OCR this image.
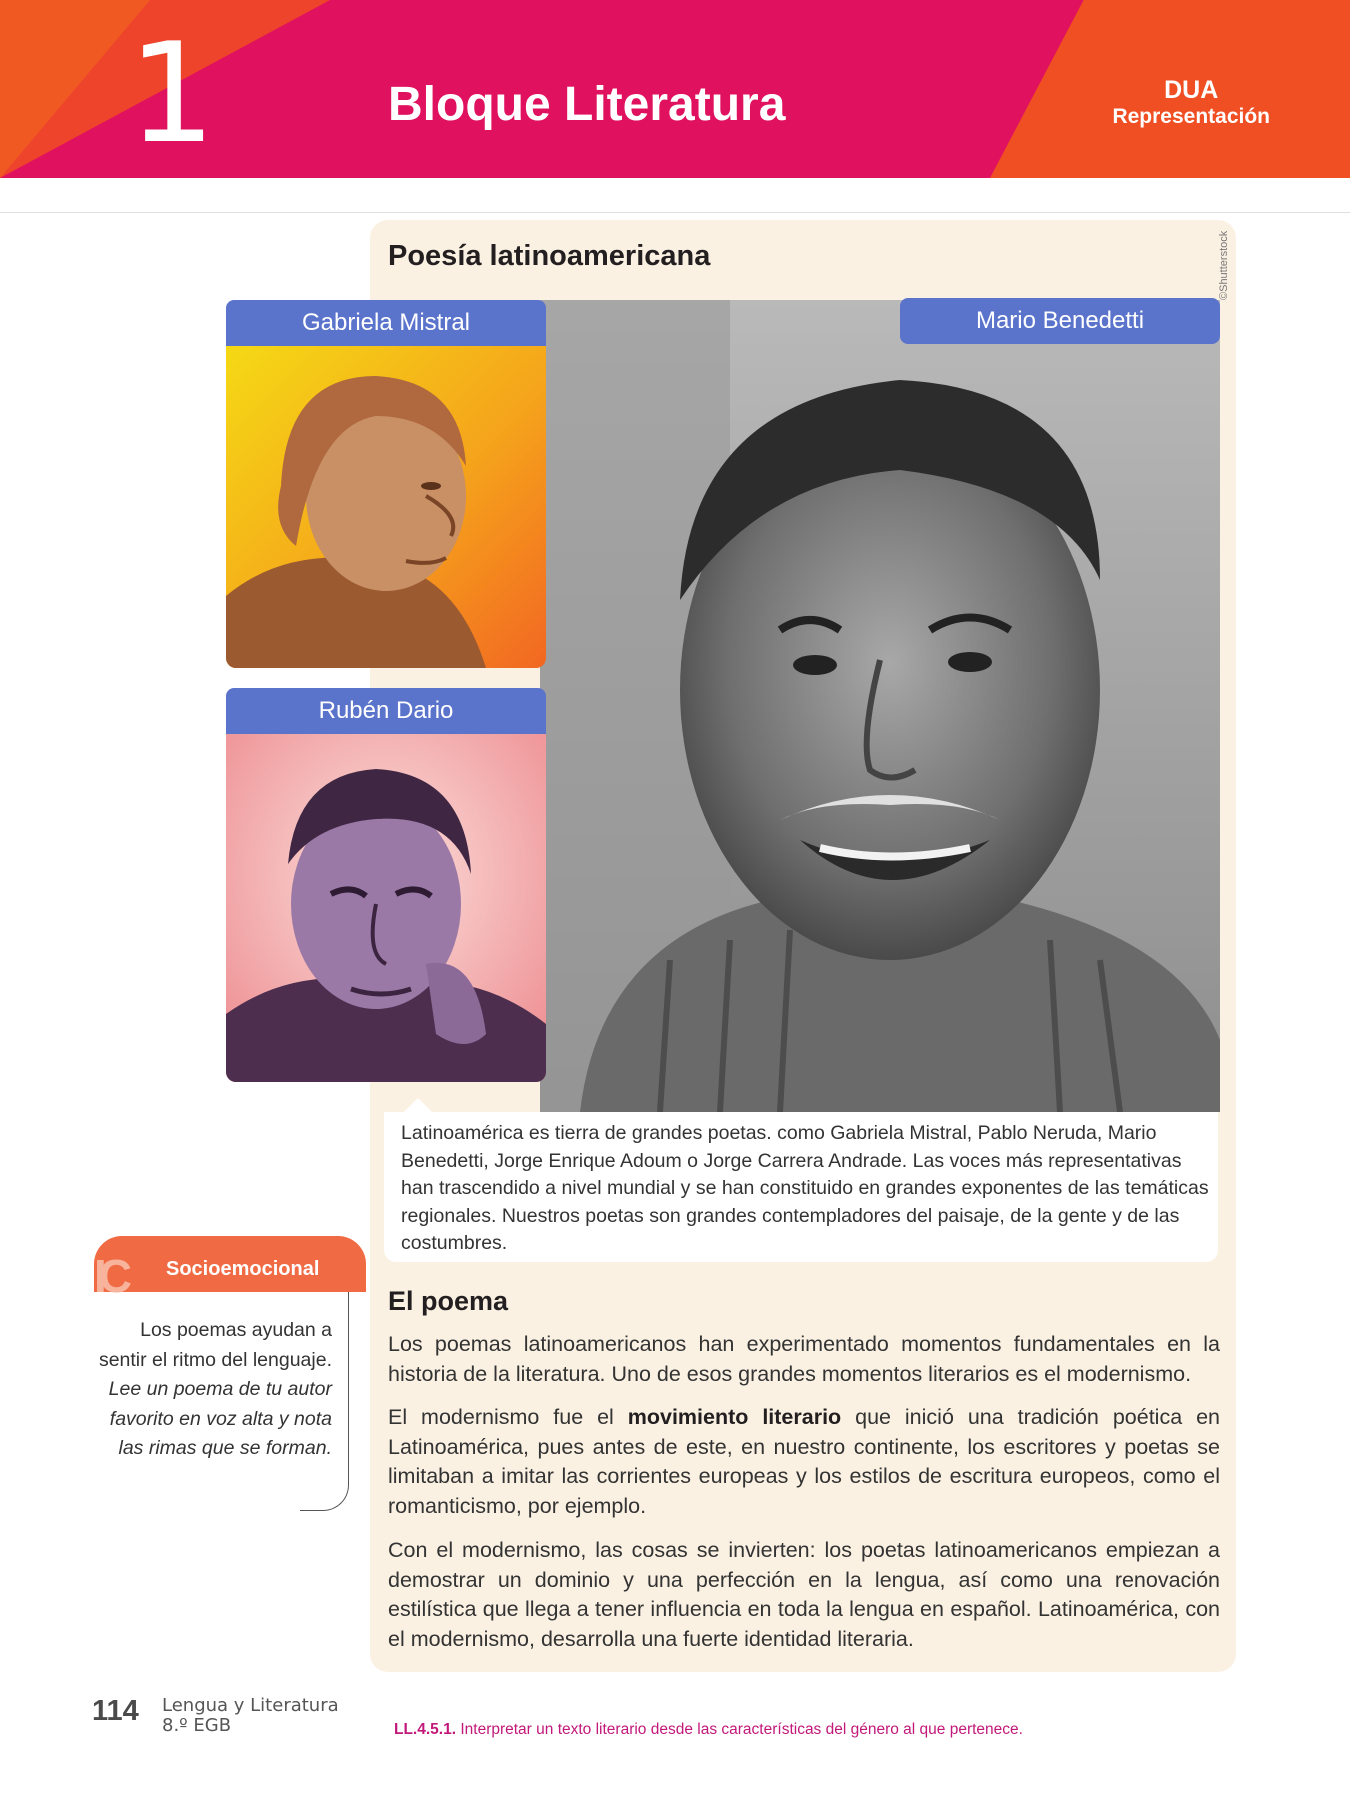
1	Bloque Literatura	DUA
Representación
Poesía latinoamericana
Mario Benedetti
©Shutterstock
Gabriela Mistral
Rubén Dario

Latinoamérica es tierra de grandes poetas. como Gabriela Mistral, Pablo Neruda, Mario Benedetti, Jorge Enrique Adoum o Jorge Carrera Andrade. Las voces más representativas han trascendido a nivel mundial y se han constituido en grandes exponentes de las temáticas regionales. Nuestros poetas son grandes contempladores del paisaje, de la gente y de las costumbres.

El poema

Los poemas latinoamericanos han experimentado momentos fundamentales en la historia de la literatura. Uno de esos grandes momentos literarios es el modernismo.

El modernismo fue el movimiento literario que inició una tradición poética en Latinoamérica, pues antes de este, en nuestro continente, los escritores y poetas se limitaban a imitar las corrientes europeas y los estilos de escritura europeos, como el romanticismo, por ejemplo.

Con el modernismo, las cosas se invierten: los poetas latinoamericanos empiezan a demostrar un dominio y una perfección en la lengua, así como una renovación estilística que llega a tener influencia en toda la lengua en español. Latinoamérica, con el modernismo, desarrolla una fuerte identidad literaria.

IC	Socioemocional

Los poemas ayudan a sentir el ritmo del lenguaje. Lee un poema de tu autor favorito en voz alta y nota las rimas que se forman.

114 Lengua y Literatura
8.º EGB	LL.4.5.1. Interpretar un texto literario desde las características del género al que pertenece.
